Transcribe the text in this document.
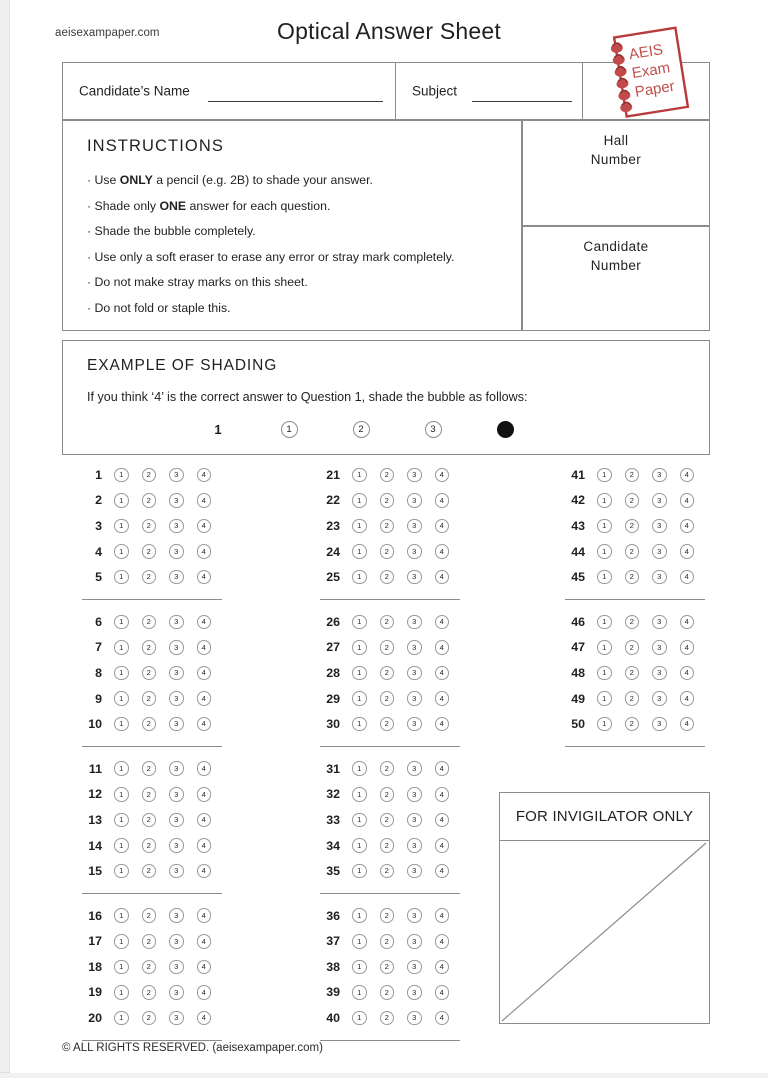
aeisexampaper.com	Optical Answer Sheet
Candidate’s Name	Subject
AEIS
Exam
Paper
INSTRUCTIONS
· Use ONLY a pencil (e.g. 2B) to shade your answer.
· Shade only ONE answer for each question.
· Shade the bubble completely.
· Use only a soft eraser to erase any error or stray mark completely.
· Do not make stray marks on this sheet.
· Do not fold or staple this.
Hall
Number
Candidate
Number
EXAMPLE OF SHADING
If you think ‘4’ is the correct answer to Question 1, shade the bubble as follows:
1	1	2	3
1	1	2	3	4
2	1	2	3	4
3	1	2	3	4
4	1	2	3	4
5	1	2	3	4
6	1	2	3	4
7	1	2	3	4
8	1	2	3	4
9	1	2	3	4
10	1	2	3	4
11	1	2	3	4
12	1	2	3	4
13	1	2	3	4
14	1	2	3	4
15	1	2	3	4
16	1	2	3	4
17	1	2	3	4
18	1	2	3	4
19	1	2	3	4
20	1	2	3	4
21	1	2	3	4
22	1	2	3	4
23	1	2	3	4
24	1	2	3	4
25	1	2	3	4
26	1	2	3	4
27	1	2	3	4
28	1	2	3	4
29	1	2	3	4
30	1	2	3	4
31	1	2	3	4
32	1	2	3	4
33	1	2	3	4
34	1	2	3	4
35	1	2	3	4
36	1	2	3	4
37	1	2	3	4
38	1	2	3	4
39	1	2	3	4
40	1	2	3	4
41	1	2	3	4
42	1	2	3	4
43	1	2	3	4
44	1	2	3	4
45	1	2	3	4
46	1	2	3	4
47	1	2	3	4
48	1	2	3	4
49	1	2	3	4
50	1	2	3	4
FOR INVIGILATOR ONLY
© ALL RIGHTS RESERVED. (aeisexampaper.com)
